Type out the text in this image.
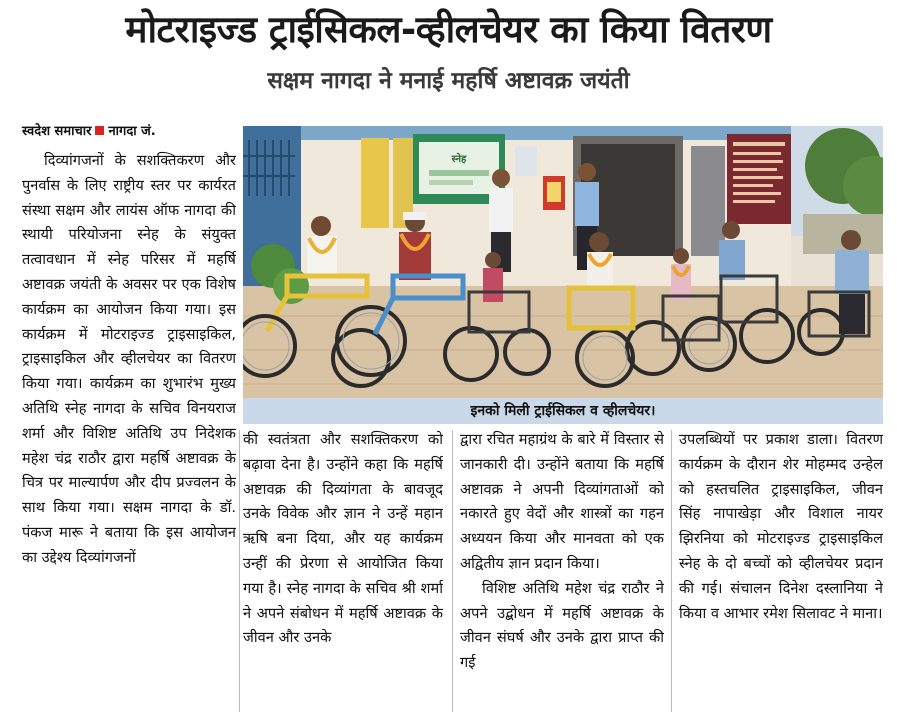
मोटराइज्ड ट्राईसिकल-व्हीलचेयर का किया वितरण
सक्षम नागदा ने मनाई महर्षि अष्टावक्र जयंती
स्वदेश समाचार नागदा जं.

दिव्यांगजनों के सशक्तिकरण और पुनर्वास के लिए राष्ट्रीय स्तर पर कार्यरत संस्था सक्षम और लायंस ऑफ नागदा की स्थायी परियोजना स्नेह के संयुक्त तत्वावधान में स्नेह परिसर में महर्षि अष्टावक्र जयंती के अवसर पर एक विशेष कार्यक्रम का आयोजन किया गया। इस कार्यक्रम में मोटराइज्ड ट्राइसाइकिल, ट्राइसाइकिल और व्हीलचेयर का वितरण किया गया। कार्यक्रम का शुभारंभ मुख्य अतिथि स्नेह नागदा के सचिव विनयराज शर्मा और विशिष्ट अतिथि उप निदेशक महेश चंद्र राठौर द्वारा महर्षि अष्टावक्र के चित्र पर माल्यार्पण और दीप प्रज्वलन के साथ किया गया। सक्षम नागदा के डॉ. पंकज मारू ने बताया कि इस आयोजन का उद्देश्य दिव्यांगजनों

स्नेह
इनको मिली ट्राईसिकल व व्हीलचेयर।

की स्वतंत्रता और सशक्तिकरण को बढ़ावा देना है। उन्होंने कहा कि महर्षि अष्टावक्र की दिव्यांगता के बावजूद उनके विवेक और ज्ञान ने उन्हें महान ऋषि बना दिया, और यह कार्यक्रम उन्हीं की प्रेरणा से आयोजित किया गया है। स्नेह नागदा के सचिव श्री शर्मा ने अपने संबोधन में महर्षि अष्टावक्र के जीवन और उनके

द्वारा रचित महाग्रंथ के बारे में विस्तार से जानकारी दी। उन्होंने बताया कि महर्षि अष्टावक्र ने अपनी दिव्यांगताओं को नकारते हुए वेदों और शास्त्रों का गहन अध्ययन किया और मानवता को एक अद्वितीय ज्ञान प्रदान किया।

विशिष्ट अतिथि महेश चंद्र राठौर ने अपने उद्बोधन में महर्षि अष्टावक्र के जीवन संघर्ष और उनके द्वारा प्राप्त की गई

उपलब्धियों पर प्रकाश डाला। वितरण कार्यक्रम के दौरान शेर मोहम्मद उन्हेल को हस्तचलित ट्राइसाइकिल, जीवन सिंह नापाखेड़ा और विशाल नायर झिरनिया को मोटराइज्ड ट्राइसाइकिल स्नेह के दो बच्चों को व्हीलचेयर प्रदान की गई। संचालन दिनेश दस्लानिया ने किया व आभार रमेश सिलावट ने माना।
